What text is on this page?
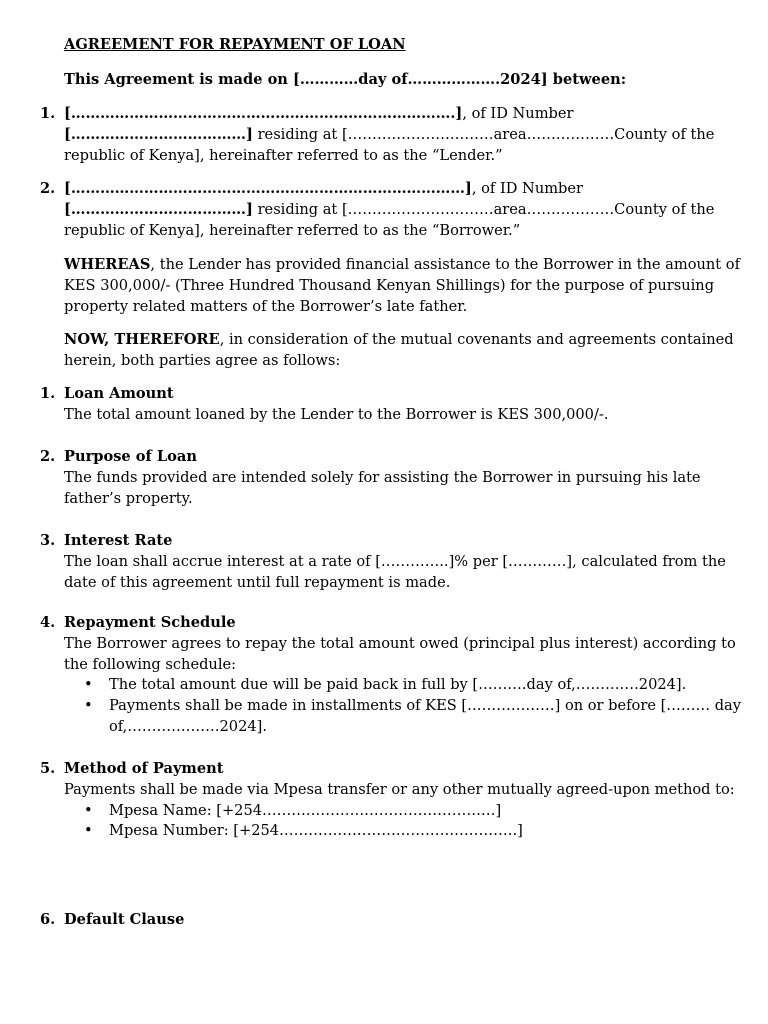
AGREEMENT FOR REPAYMENT OF LOAN

This Agreement is made on […………day of……………….2024] between:

1. […………………………………………………………………….], of ID Number [………………………………] residing at […………………………area………………County of the republic of Kenya], hereinafter referred to as the “Lender.”

2. [………………………………………………………………………], of ID Number [………………………………] residing at […………………………area………………County of the republic of Kenya], hereinafter referred to as the “Borrower.”

WHEREAS, the Lender has provided financial assistance to the Borrower in the amount of KES 300,000/- (Three Hundred Thousand Kenyan Shillings) for the purpose of pursuing property related matters of the Borrower’s late father.

NOW, THEREFORE, in consideration of the mutual covenants and agreements contained herein, both parties agree as follows:

1. Loan Amount

The total amount loaned by the Lender to the Borrower is KES 300,000/-.

2. Purpose of Loan

The funds provided are intended solely for assisting the Borrower in pursuing his late father’s property.

3. Interest Rate

The loan shall accrue interest at a rate of […………..]% per […………], calculated from the date of this agreement until full repayment is made.

4. Repayment Schedule

The Borrower agrees to repay the total amount owed (principal plus interest) according to the following schedule:

• The total amount due will be paid back in full by [……….day of,………….2024].
• Payments shall be made in installments of KES [………………] on or before [……… day of,……………….2024].
5. Method of Payment

Payments shall be made via Mpesa transfer or any other mutually agreed-upon method to:

• Mpesa Name: [+254…………………………………………]
• Mpesa Number: [+254………………………………………….]
6. Default Clause
